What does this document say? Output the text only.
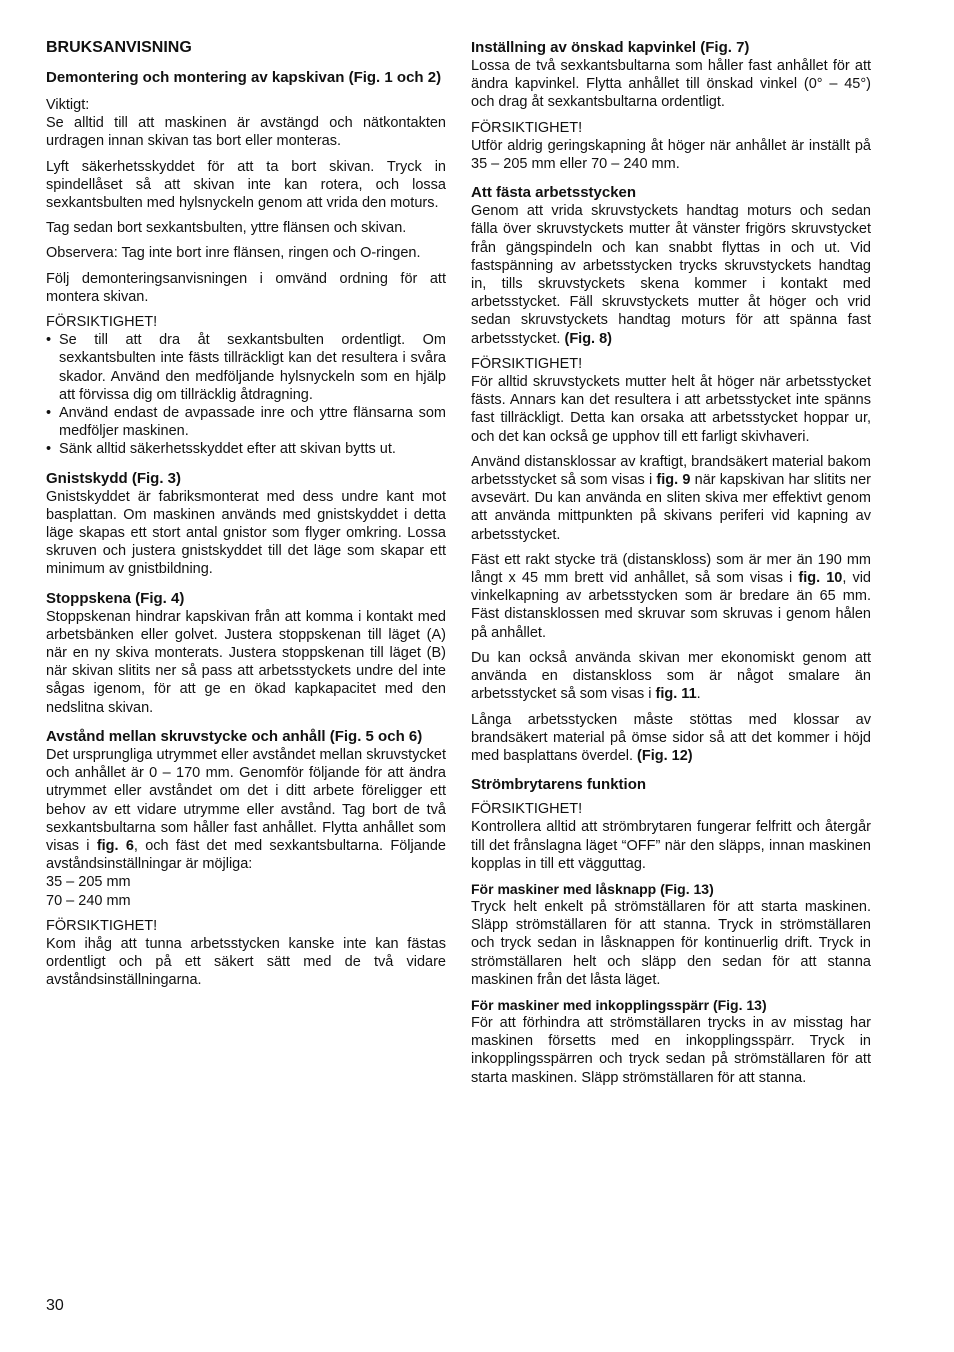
BRUKSANVISNING
Demontering och montering av kapskivan (Fig. 1 och 2)
Viktigt:

Se alltid till att maskinen är avstängd och nätkontakten urdragen innan skivan tas bort eller monteras.

Lyft säkerhetsskyddet för att ta bort skivan. Tryck in spindellåset så att skivan inte kan rotera, och lossa sexkantsbulten med hylsnyckeln genom att vrida den moturs.

Tag sedan bort sexkantsbulten, yttre flänsen och skivan.

Observera: Tag inte bort inre flänsen, ringen och O-ringen.

Följ demonteringsanvisningen i omvänd ordning för att montera skivan.

FÖRSIKTIGHET!
• Se till att dra åt sexkantsbulten ordentligt. Om sexkantsbulten inte fästs tillräckligt kan det resultera i svåra skador. Använd den medföljande hylsnyckeln som en hjälp att förvissa dig om tillräcklig åtdragning.
• Använd endast de avpassade inre och yttre flänsarna som medföljer maskinen.
• Sänk alltid säkerhetsskyddet efter att skivan bytts ut.
Gnistskydd (Fig. 3)

Gnistskyddet är fabriksmonterat med dess undre kant mot basplattan. Om maskinen används med gnistskyddet i detta läge skapas ett stort antal gnistor som flyger omkring. Lossa skruven och justera gnistskyddet till det läge som skapar ett minimum av gnistbildning.

Stoppskena (Fig. 4)

Stoppskenan hindrar kapskivan från att komma i kontakt med arbetsbänken eller golvet. Justera stoppskenan till läget (A) när en ny skiva monterats. Justera stoppskenan till läget (B) när skivan slitits ner så pass att arbetsstyckets undre del inte sågas igenom, för att ge en ökad kapkapacitet med den nedslitna skivan.

Avstånd mellan skruvstycke och anhåll (Fig. 5 och 6)

Det ursprungliga utrymmet eller avståndet mellan skruvstycket och anhållet är 0 – 170 mm. Genomför följande för att ändra utrymmet eller avståndet om det i ditt arbete föreligger ett behov av ett vidare utrymme eller avstånd. Tag bort de två sexkantsbultarna som håller fast anhållet. Flytta anhållet som visas i fig. 6, och fäst det med sexkantsbultarna. Följande avståndsinställningar är möjliga:

35 – 205 mm
70 – 240 mm
FÖRSIKTIGHET!

Kom ihåg att tunna arbetsstycken kanske inte kan fästas ordentligt och på ett säkert sätt med de två vidare avståndsinställningarna.

Inställning av önskad kapvinkel (Fig. 7)

Lossa de två sexkantsbultarna som håller fast anhållet för att ändra kapvinkel. Flytta anhållet till önskad vinkel (0° – 45°) och drag åt sexkantsbultarna ordentligt.

FÖRSIKTIGHET!

Utför aldrig geringskapning åt höger när anhållet är inställt på 35 – 205 mm eller 70 – 240 mm.

Att fästa arbetsstycken

Genom att vrida skruvstyckets handtag moturs och sedan fälla över skruvstyckets mutter åt vänster frigörs skruvstycket från gängspindeln och kan snabbt flyttas in och ut. Vid fastspänning av arbetsstycken trycks skruvstyckets handtag in, tills skruvstyckets skena kommer i kontakt med arbetsstycket. Fäll skruvstyckets mutter åt höger och vrid sedan skruvstyckets handtag moturs för att spänna fast arbetsstycket. (Fig. 8)

FÖRSIKTIGHET!

För alltid skruvstyckets mutter helt åt höger när arbetsstycket fästs. Annars kan det resultera i att arbetsstycket inte spänns fast tillräckligt. Detta kan orsaka att arbetsstycket hoppar ur, och det kan också ge upphov till ett farligt skivhaveri.

Använd distansklossar av kraftigt, brandsäkert material bakom arbetsstycket så som visas i fig. 9 när kapskivan har slitits ner avsevärt. Du kan använda en sliten skiva mer effektivt genom att använda mittpunkten på skivans periferi vid kapning av arbetsstycket.

Fäst ett rakt stycke trä (distanskloss) som är mer än 190 mm långt x 45 mm brett vid anhållet, så som visas i fig. 10, vid vinkelkapning av arbetsstycken som är bredare än 65 mm. Fäst distansklossen med skruvar som skruvas i genom hålen på anhållet.

Du kan också använda skivan mer ekonomiskt genom att använda en distanskloss som är något smalare än arbetsstycket så som visas i fig. 11.

Långa arbetsstycken måste stöttas med klossar av brandsäkert material på ömse sidor så att det kommer i höjd med basplattans överdel. (Fig. 12)

Strömbrytarens funktion
FÖRSIKTIGHET!

Kontrollera alltid att strömbrytaren fungerar felfritt och återgår till det frånslagna läget “OFF” när den släpps, innan maskinen kopplas in till ett vägguttag.

För maskiner med låsknapp (Fig. 13)

Tryck helt enkelt på strömställaren för att starta maskinen. Släpp strömställaren för att stanna. Tryck in strömställaren och tryck sedan in låsknappen för kontinuerlig drift. Tryck in strömställaren helt och släpp den sedan för att stanna maskinen från det låsta läget.

För maskiner med inkopplingsspärr (Fig. 13)

För att förhindra att strömställaren trycks in av misstag har maskinen försetts med en inkopplingsspärr. Tryck in inkopplingsspärren och tryck sedan på strömställaren för att starta maskinen. Släpp strömställaren för att stanna.

30
